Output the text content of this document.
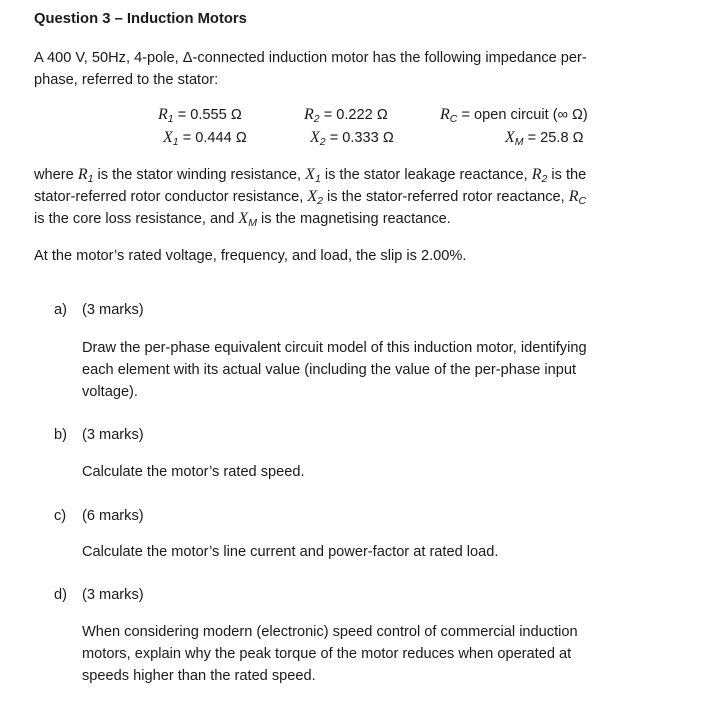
Question 3 – Induction Motors
A 400 V, 50Hz, 4-pole, Δ-connected induction motor has the following impedance per-
phase, referred to the stator:
$R_1 = 0.555$ Ω
$X_1 = 0.444$ Ω
$R_2 = 0.222$ Ω
$X_2 = 0.333$ Ω
$R_C$ = open circuit (∞ Ω)
$X_M = 25.8$ Ω
where $R_1$ is the stator winding resistance, $X_1$ is the stator leakage reactance, $R_2$ is the
stator-referred rotor conductor resistance, $X_2$ is the stator-referred rotor reactance, $R_C$
is the core loss resistance, and $X_M$ is the magnetising reactance.
At the motor’s rated voltage, frequency, and load, the slip is 2.00%.
a) (3 marks)
Draw the per-phase equivalent circuit model of this induction motor, identifying
each element with its actual value (including the value of the per-phase input
voltage).
b) (3 marks)
Calculate the motor’s rated speed.
c) (6 marks)
Calculate the motor’s line current and power-factor at rated load.
d) (3 marks)
When considering modern (electronic) speed control of commercial induction
motors, explain why the peak torque of the motor reduces when operated at
speeds higher than the rated speed.
